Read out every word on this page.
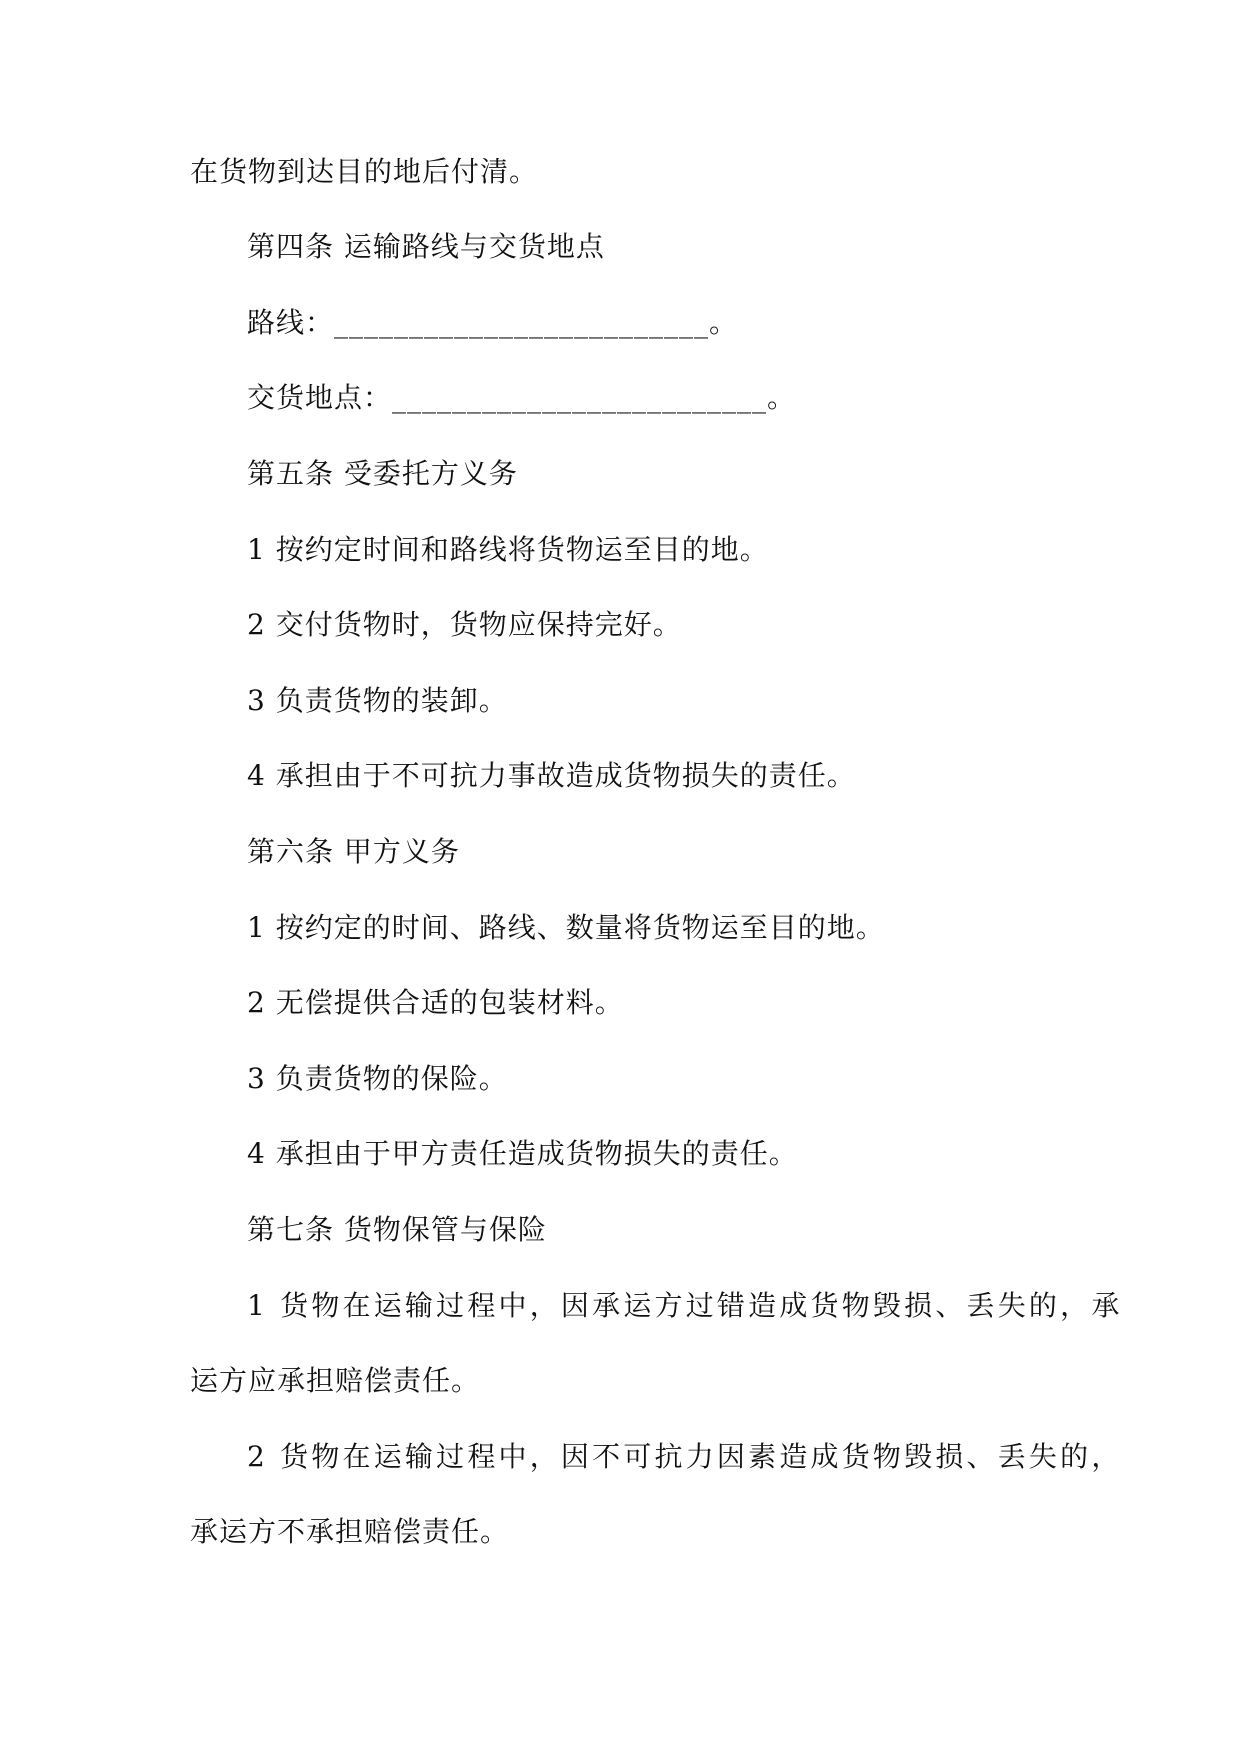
在货物到达目的地后付清。
第四条 运输路线与交货地点
路线：_________________________。
交货地点：_________________________。
第五条 受委托方义务
1 按约定时间和路线将货物运至目的地。
2 交付货物时，货物应保持完好。
3 负责货物的装卸。
4 承担由于不可抗力事故造成货物损失的责任。
第六条 甲方义务
1 按约定的时间、路线、数量将货物运至目的地。
2 无偿提供合适的包装材料。
3 负责货物的保险。
4 承担由于甲方责任造成货物损失的责任。
第七条 货物保管与保险
1 货物在运输过程中，因承运方过错造成货物毁损、丢失的，承
运方应承担赔偿责任。
2 货物在运输过程中，因不可抗力因素造成货物毁损、丢失的，
承运方不承担赔偿责任。
